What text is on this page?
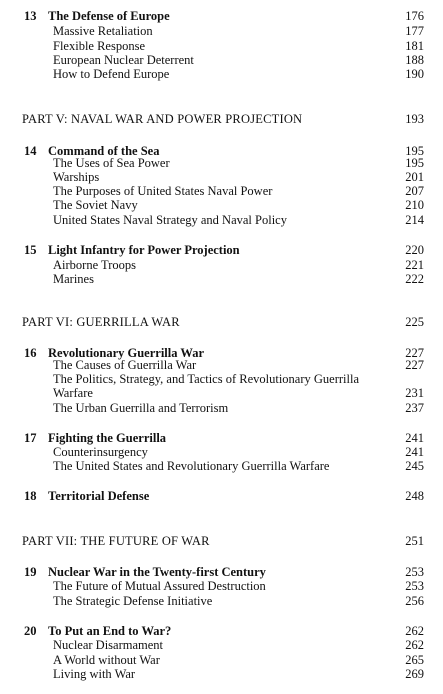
13 The Defense of Europe	176
Massive Retaliation	177
Flexible Response	181
European Nuclear Deterrent	188
How to Defend Europe	190
PART V: NAVAL WAR AND POWER PROJECTION	193
14 Command of the Sea	195
The Uses of Sea Power	195
Warships	201
The Purposes of United States Naval Power	207
The Soviet Navy	210
United States Naval Strategy and Naval Policy	214
15 Light Infantry for Power Projection	220
Airborne Troops	221
Marines	222
PART VI: GUERRILLA WAR	225
16 Revolutionary Guerrilla War	227
The Causes of Guerrilla War	227
The Politics, Strategy, and Tactics of Revolutionary Guerrilla
Warfare	231
The Urban Guerrilla and Terrorism	237
17 Fighting the Guerrilla	241
Counterinsurgency	241
The United States and Revolutionary Guerrilla Warfare	245
18 Territorial Defense	248
PART VII: THE FUTURE OF WAR	251
19 Nuclear War in the Twenty-first Century	253
The Future of Mutual Assured Destruction	253
The Strategic Defense Initiative	256
20 To Put an End to War?	262
Nuclear Disarmament	262
A World without War	265
Living with War	269
